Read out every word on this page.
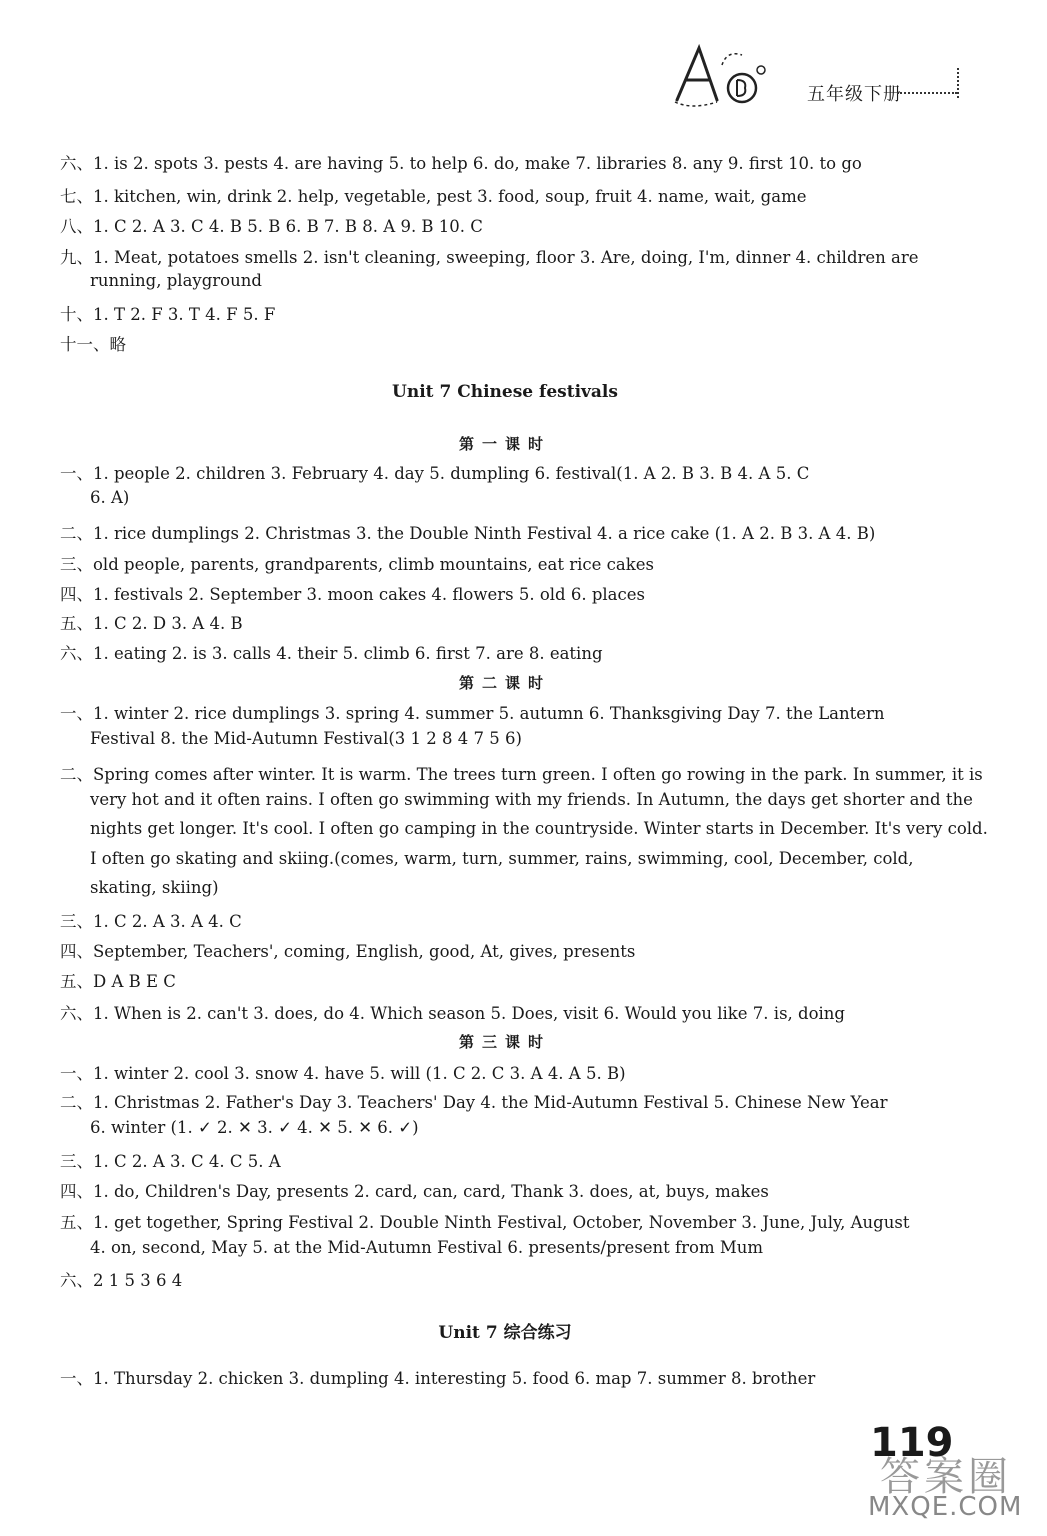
五年级下册
六、1. is 2. spots 3. pests 4. are having 5. to help 6. do, make 7. libraries 8. any 9. first 10. to go
七、1. kitchen, win, drink 2. help, vegetable, pest 3. food, soup, fruit 4. name, wait, game
八、1. C 2. A 3. C 4. B 5. B 6. B 7. B 8. A 9. B 10. C
九、1. Meat, potatoes smells 2. isn't cleaning, sweeping, floor 3. Are, doing, I'm, dinner 4. children are
running, playground
十、1. T 2. F 3. T 4. F 5. F
十一、略
Unit 7 Chinese festivals
第一课时
一、1. people 2. children 3. February 4. day 5. dumpling 6. festival(1. A 2. B 3. B 4. A 5. C
6. A)
二、1. rice dumplings 2. Christmas 3. the Double Ninth Festival 4. a rice cake (1. A 2. B 3. A 4. B)
三、old people, parents, grandparents, climb mountains, eat rice cakes
四、1. festivals 2. September 3. moon cakes 4. flowers 5. old 6. places
五、1. C 2. D 3. A 4. B
六、1. eating 2. is 3. calls 4. their 5. climb 6. first 7. are 8. eating
第二课时
一、1. winter 2. rice dumplings 3. spring 4. summer 5. autumn 6. Thanksgiving Day 7. the Lantern
Festival 8. the Mid-Autumn Festival(3 1 2 8 4 7 5 6)
二、Spring comes after winter. It is warm. The trees turn green. I often go rowing in the park. In summer, it is
very hot and it often rains. I often go swimming with my friends. In Autumn, the days get shorter and the
nights get longer. It's cool. I often go camping in the countryside. Winter starts in December. It's very cold.
I often go skating and skiing.(comes, warm, turn, summer, rains, swimming, cool, December, cold,
skating, skiing)
三、1. C 2. A 3. A 4. C
四、September, Teachers', coming, English, good, At, gives, presents
五、D A B E C
六、1. When is 2. can't 3. does, do 4. Which season 5. Does, visit 6. Would you like 7. is, doing
第三课时
一、1. winter 2. cool 3. snow 4. have 5. will (1. C 2. C 3. A 4. A 5. B)
二、1. Christmas 2. Father's Day 3. Teachers' Day 4. the Mid-Autumn Festival 5. Chinese New Year
6. winter (1. ✓ 2. ✕ 3. ✓ 4. ✕ 5. ✕ 6. ✓)
三、1. C 2. A 3. C 4. C 5. A
四、1. do, Children's Day, presents 2. card, can, card, Thank 3. does, at, buys, makes
五、1. get together, Spring Festival 2. Double Ninth Festival, October, November 3. June, July, August
4. on, second, May 5. at the Mid-Autumn Festival 6. presents/present from Mum
六、2 1 5 3 6 4
Unit 7 综合练习
一、1. Thursday 2. chicken 3. dumpling 4. interesting 5. food 6. map 7. summer 8. brother
119
答案圈
MXQE.COM
